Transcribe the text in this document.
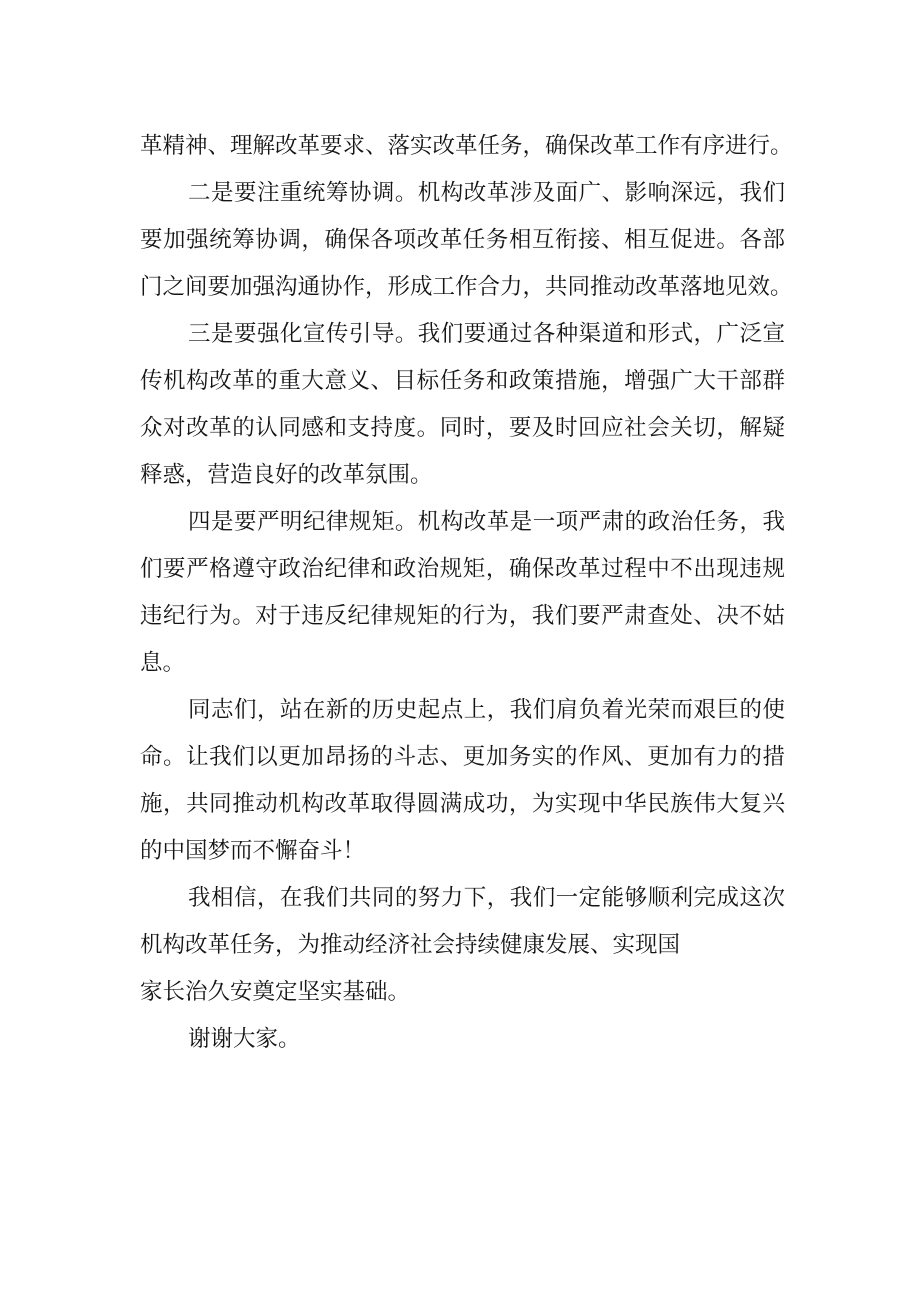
革精神、理解改革要求、落实改革任务，确保改革工作有序进行。
二是要注重统筹协调。机构改革涉及面广、影响深远，我们
要加强统筹协调，确保各项改革任务相互衔接、相互促进。各部
门之间要加强沟通协作，形成工作合力，共同推动改革落地见效。
三是要强化宣传引导。我们要通过各种渠道和形式，广泛宣
传机构改革的重大意义、目标任务和政策措施，增强广大干部群
众对改革的认同感和支持度。同时，要及时回应社会关切，解疑
释惑，营造良好的改革氛围。
四是要严明纪律规矩。机构改革是一项严肃的政治任务，我
们要严格遵守政治纪律和政治规矩，确保改革过程中不出现违规
违纪行为。对于违反纪律规矩的行为，我们要严肃查处、决不姑
息。
同志们，站在新的历史起点上，我们肩负着光荣而艰巨的使
命。让我们以更加昂扬的斗志、更加务实的作风、更加有力的措
施，共同推动机构改革取得圆满成功，为实现中华民族伟大复兴
的中国梦而不懈奋斗！
我相信，在我们共同的努力下，我们一定能够顺利完成这次
机构改革任务，为推动经济社会持续健康发展、实现国
家长治久安奠定坚实基础。
谢谢大家。
